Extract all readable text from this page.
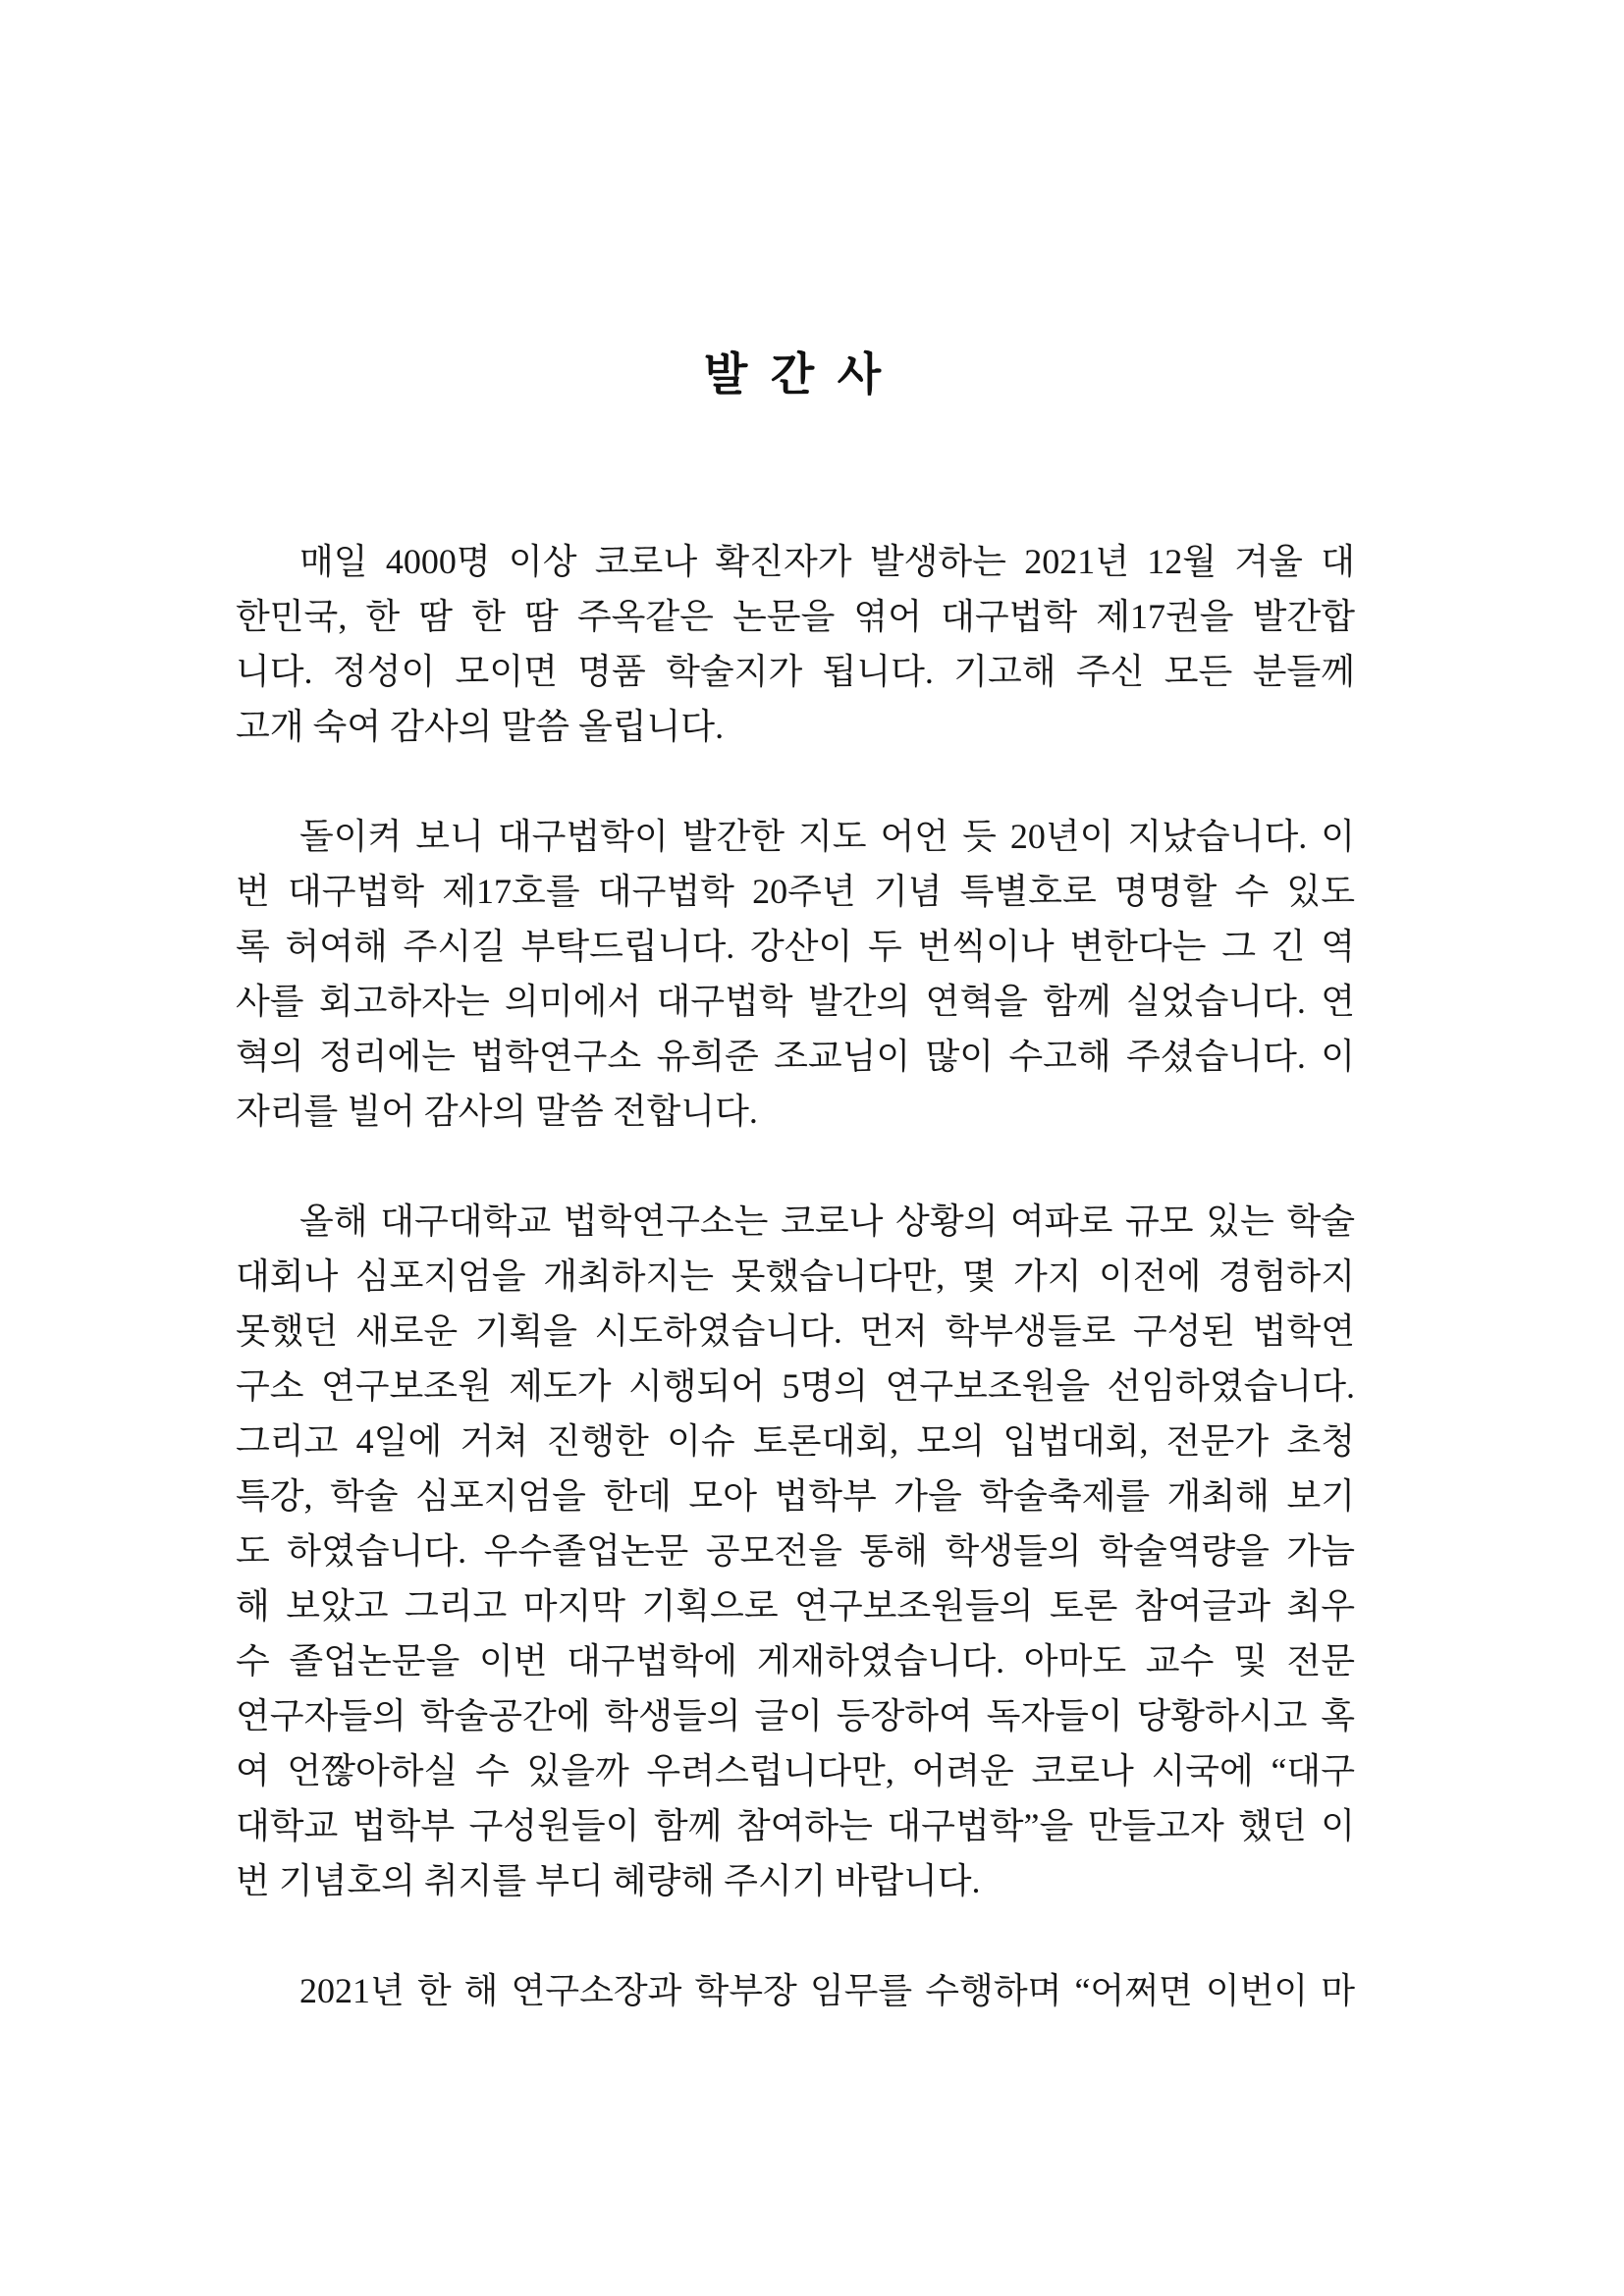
발 간 사
매일 4000명 이상 코로나 확진자가 발생하는 2021년 12월 겨울 대
한민국, 한 땀 한 땀 주옥같은 논문을 엮어 대구법학 제17권을 발간합
니다. 정성이 모이면 명품 학술지가 됩니다. 기고해 주신 모든 분들께
고개 숙여 감사의 말씀 올립니다.
돌이켜 보니 대구법학이 발간한 지도 어언 듯 20년이 지났습니다. 이
번 대구법학 제17호를 대구법학 20주년 기념 특별호로 명명할 수 있도
록 허여해 주시길 부탁드립니다. 강산이 두 번씩이나 변한다는 그 긴 역
사를 회고하자는 의미에서 대구법학 발간의 연혁을 함께 실었습니다. 연
혁의 정리에는 법학연구소 유희준 조교님이 많이 수고해 주셨습니다. 이
자리를 빌어 감사의 말씀 전합니다.
올해 대구대학교 법학연구소는 코로나 상황의 여파로 규모 있는 학술
대회나 심포지엄을 개최하지는 못했습니다만, 몇 가지 이전에 경험하지
못했던 새로운 기획을 시도하였습니다. 먼저 학부생들로 구성된 법학연
구소 연구보조원 제도가 시행되어 5명의 연구보조원을 선임하였습니다.
그리고 4일에 거쳐 진행한 이슈 토론대회, 모의 입법대회, 전문가 초청
특강, 학술 심포지엄을 한데 모아 법학부 가을 학술축제를 개최해 보기
도 하였습니다. 우수졸업논문 공모전을 통해 학생들의 학술역량을 가늠
해 보았고 그리고 마지막 기획으로 연구보조원들의 토론 참여글과 최우
수 졸업논문을 이번 대구법학에 게재하였습니다. 아마도 교수 및 전문
연구자들의 학술공간에 학생들의 글이 등장하여 독자들이 당황하시고 혹
여 언짢아하실 수 있을까 우려스럽니다만, 어려운 코로나 시국에 “대구
대학교 법학부 구성원들이 함께 참여하는 대구법학”을 만들고자 했던 이
번 기념호의 취지를 부디 혜량해 주시기 바랍니다.
2021년 한 해 연구소장과 학부장 임무를 수행하며 “어쩌면 이번이 마
